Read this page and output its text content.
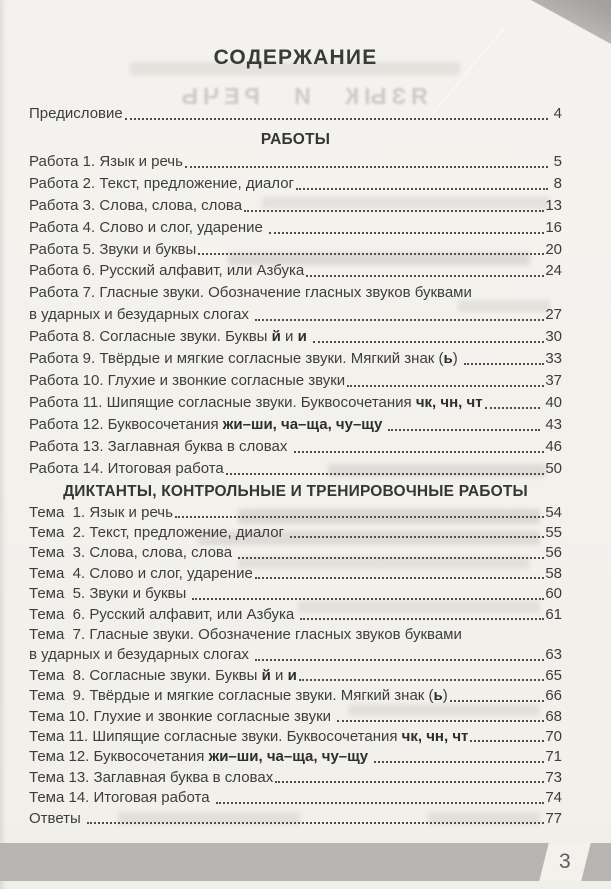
ЯЗЫК И РЕЧЬ
СОДЕРЖАНИЕ
Предисловие	4
РАБОТЫ
Работа 1. Язык и речь	5
Работа 2. Текст, предложение, диалог	8
Работа 3. Слова, слова, слова	13
Работа 4. Слово и слог, ударение	16
Работа 5. Звуки и буквы	20
Работа 6. Русский алфавит, или Азбука	24
Работа 7. Гласные звуки. Обозначение гласных звуков буквами
в ударных и безударных слогах	27
Работа 8. Согласные звуки. Буквы й и и	30
Работа 9. Твёрдые и мягкие согласные звуки. Мягкий знак (ь)	33
Работа 10. Глухие и звонкие согласные звуки	37
Работа 11. Шипящие согласные звуки. Буквосочетания чк, чн, чт	40
Работа 12. Буквосочетания жи–ши, ча–ща, чу–щу	43
Работа 13. Заглавная буква в словах	46
Работа 14. Итоговая работа	50
ДИКТАНТЫ, КОНТРОЛЬНЫЕ И ТРЕНИРОВОЧНЫЕ РАБОТЫ
Тема  1. Язык и речь	54
Тема  2. Текст, предложение, диалог	55
Тема  3. Слова, слова, слова	56
Тема  4. Слово и слог, ударение	58
Тема  5. Звуки и буквы	60
Тема  6. Русский алфавит, или Азбука	61
Тема  7. Гласные звуки. Обозначение гласных звуков буквами
в ударных и безударных слогах	63
Тема  8. Согласные звуки. Буквы й и и	65
Тема  9. Твёрдые и мягкие согласные звуки. Мягкий знак (ь)	66
Тема 10. Глухие и звонкие согласные звуки	68
Тема 11. Шипящие согласные звуки. Буквосочетания чк, чн, чт	70
Тема 12. Буквосочетания жи–ши, ча–ща, чу–щу	71
Тема 13. Заглавная буква в словах	73
Тема 14. Итоговая работа	74
Ответы	77
3
